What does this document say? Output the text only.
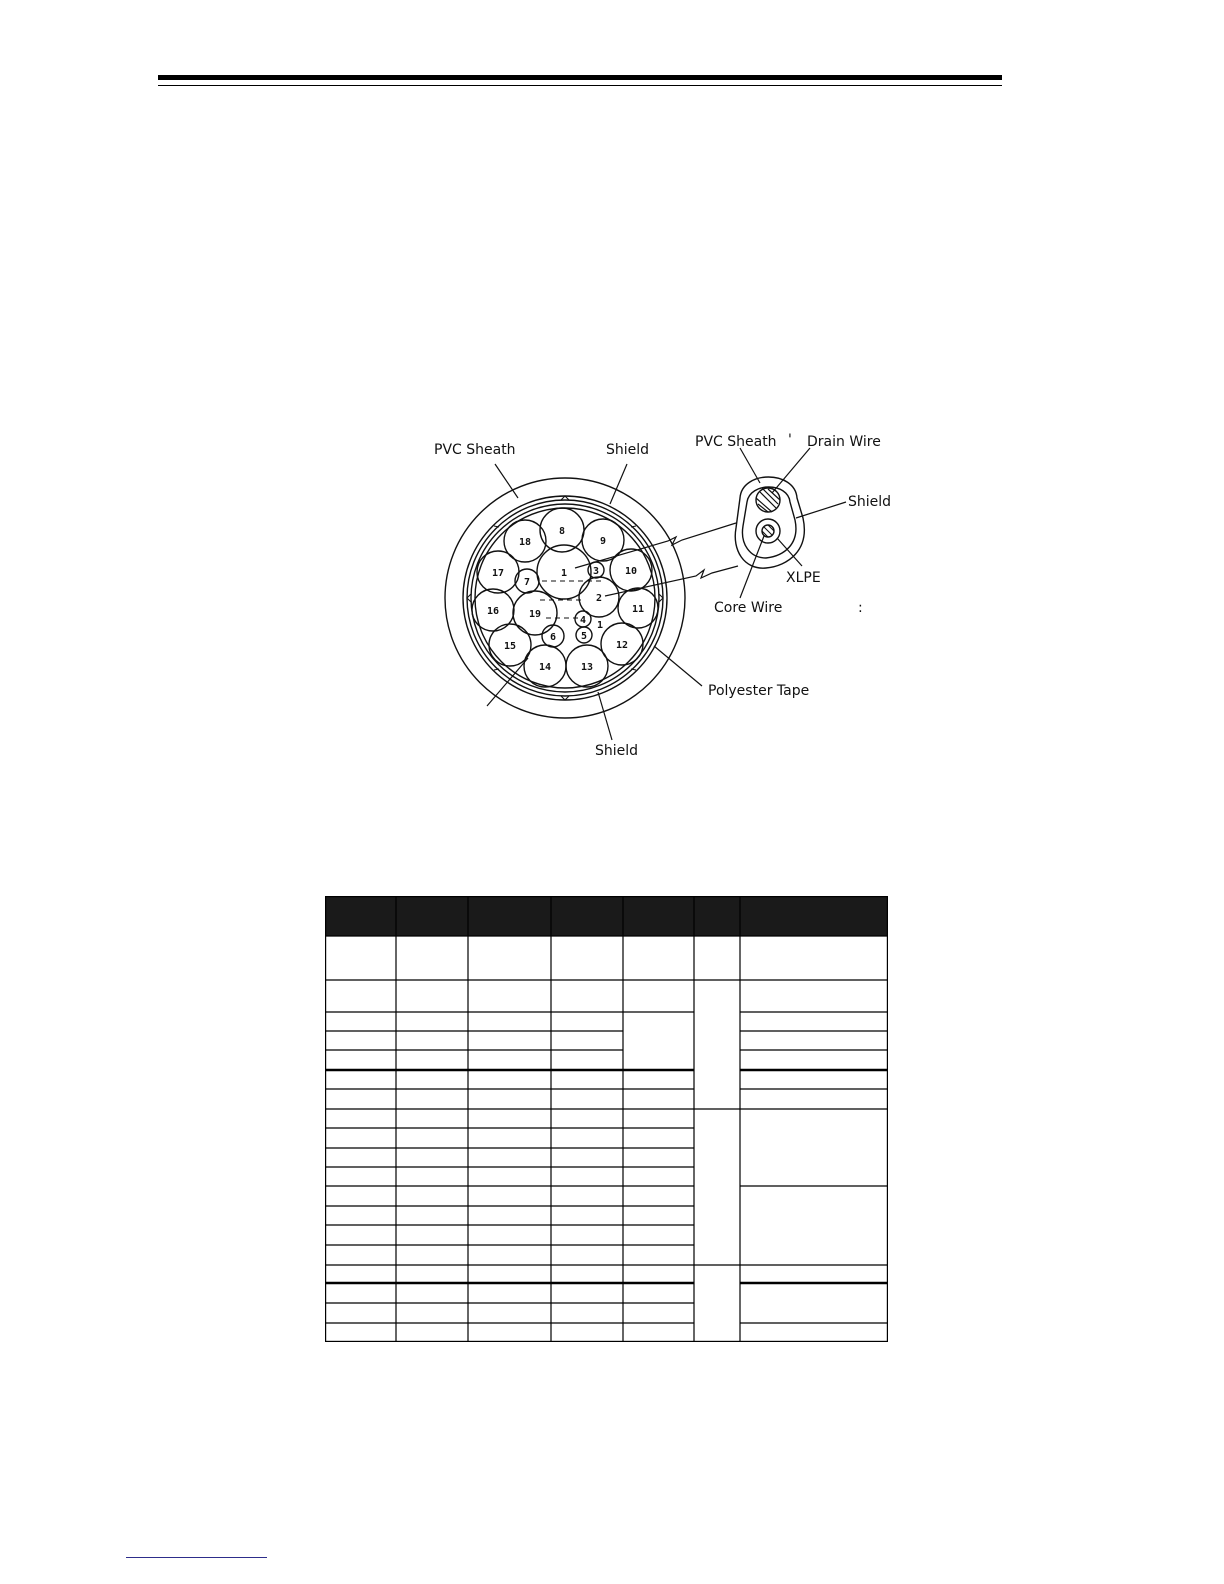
8
9
18
1	3	10
17
7
2
11
16	19
4
5
6
12
15
13
14
1
PVC Sheath	Shield	PVC Sheath ' Drain Wire
Shield
XLPE
Core Wire	:
Polyester Tape
Shield
